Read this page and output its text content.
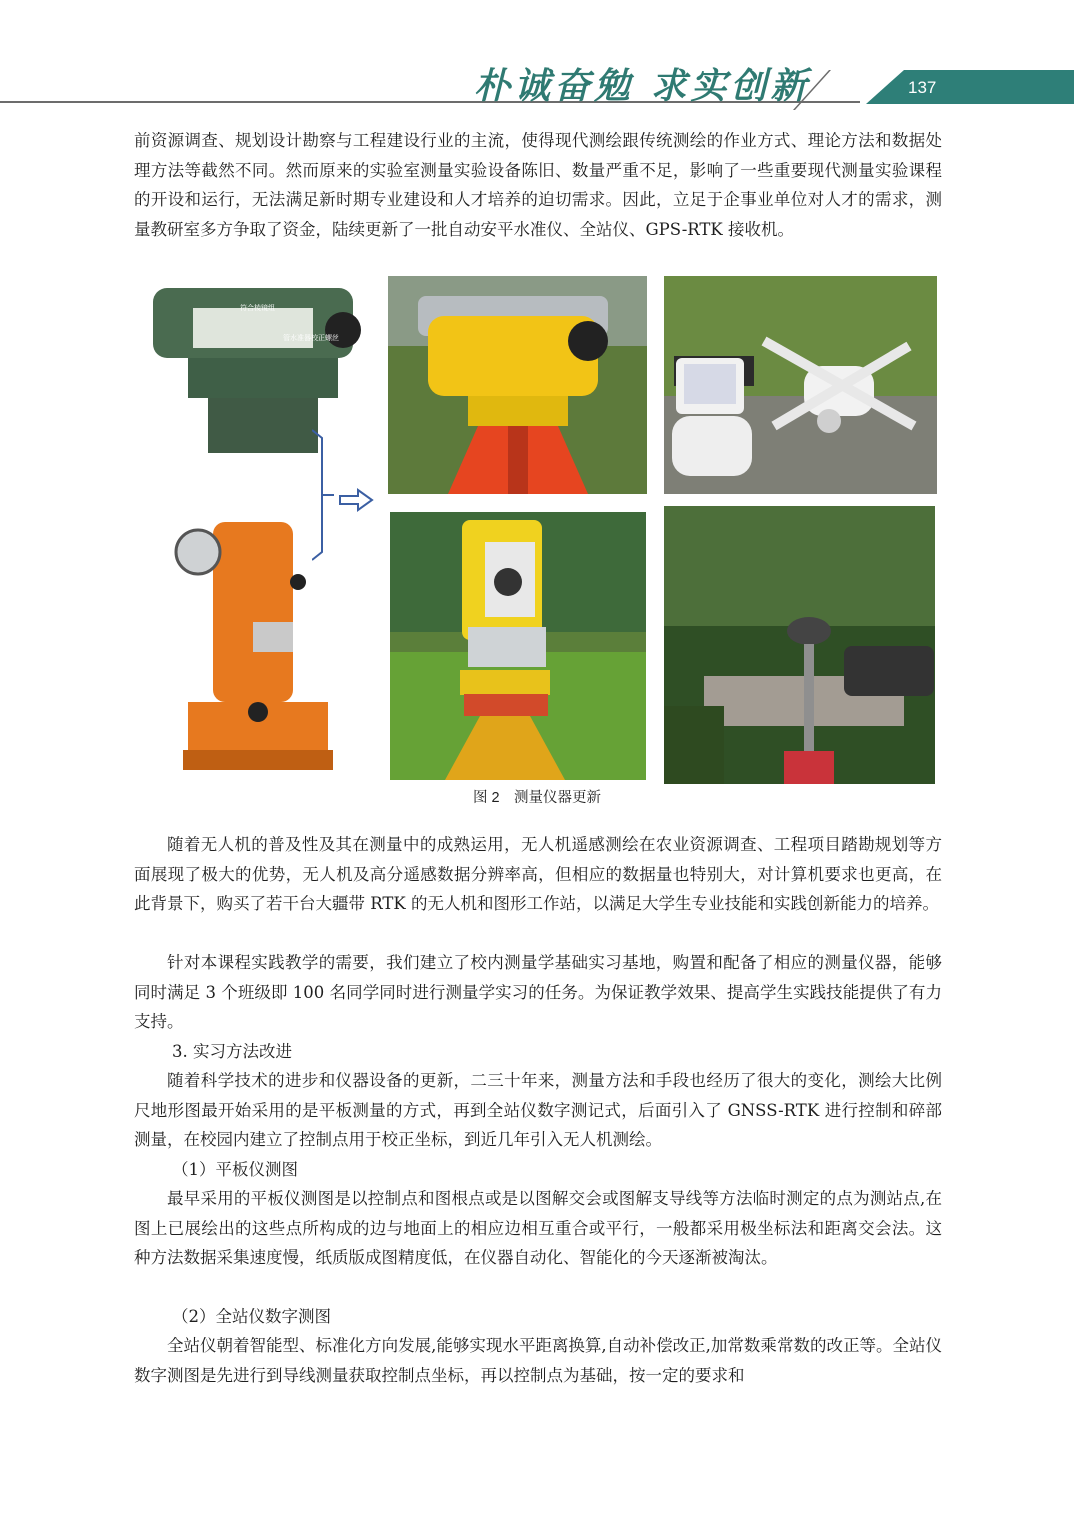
朴诚奋勉 求实创新	137

前资源调查、规划设计勘察与工程建设行业的主流，使得现代测绘跟传统测绘的作业方式、理论方法和数据处理方法等截然不同。然而原来的实验室测量实验设备陈旧、数量严重不足，影响了一些重要现代测量实验课程的开设和运行，无法满足新时期专业建设和人才培养的迫切需求。因此，立足于企事业单位对人才的需求，测量教研室多方争取了资金，陆续更新了一批自动安平水准仪、全站仪、GPS-RTK 接收机。

管水准气泡观察窗
符合棱镜组
管水准器校正螺丝
管水准器
图 2　测量仪器更新

随着无人机的普及性及其在测量中的成熟运用，无人机遥感测绘在农业资源调查、工程项目踏勘规划等方面展现了极大的优势，无人机及高分遥感数据分辨率高，但相应的数据量也特别大，对计算机要求也更高，在此背景下，购买了若干台大疆带 RTK 的无人机和图形工作站，以满足大学生专业技能和实践创新能力的培养。

针对本课程实践教学的需要，我们建立了校内测量学基础实习基地，购置和配备了相应的测量仪器，能够同时满足 3 个班级即 100 名同学同时进行测量学实习的任务。为保证教学效果、提高学生实践技能提供了有力支持。

3. 实习方法改进

随着科学技术的进步和仪器设备的更新，二三十年来，测量方法和手段也经历了很大的变化，测绘大比例尺地形图最开始采用的是平板测量的方式，再到全站仪数字测记式，后面引入了 GNSS-RTK 进行控制和碎部测量，在校园内建立了控制点用于校正坐标，到近几年引入无人机测绘。

（1）平板仪测图

最早采用的平板仪测图是以控制点和图根点或是以图解交会或图解支导线等方法临时测定的点为测站点,在图上已展绘出的这些点所构成的边与地面上的相应边相互重合或平行，一般都采用极坐标法和距离交会法。这种方法数据采集速度慢，纸质版成图精度低，在仪器自动化、智能化的今天逐渐被淘汰。

（2）全站仪数字测图

全站仪朝着智能型、标准化方向发展,能够实现水平距离换算,自动补偿改正,加常数乘常数的改正等。全站仪数字测图是先进行到导线测量获取控制点坐标，再以控制点为基础，按一定的要求和
